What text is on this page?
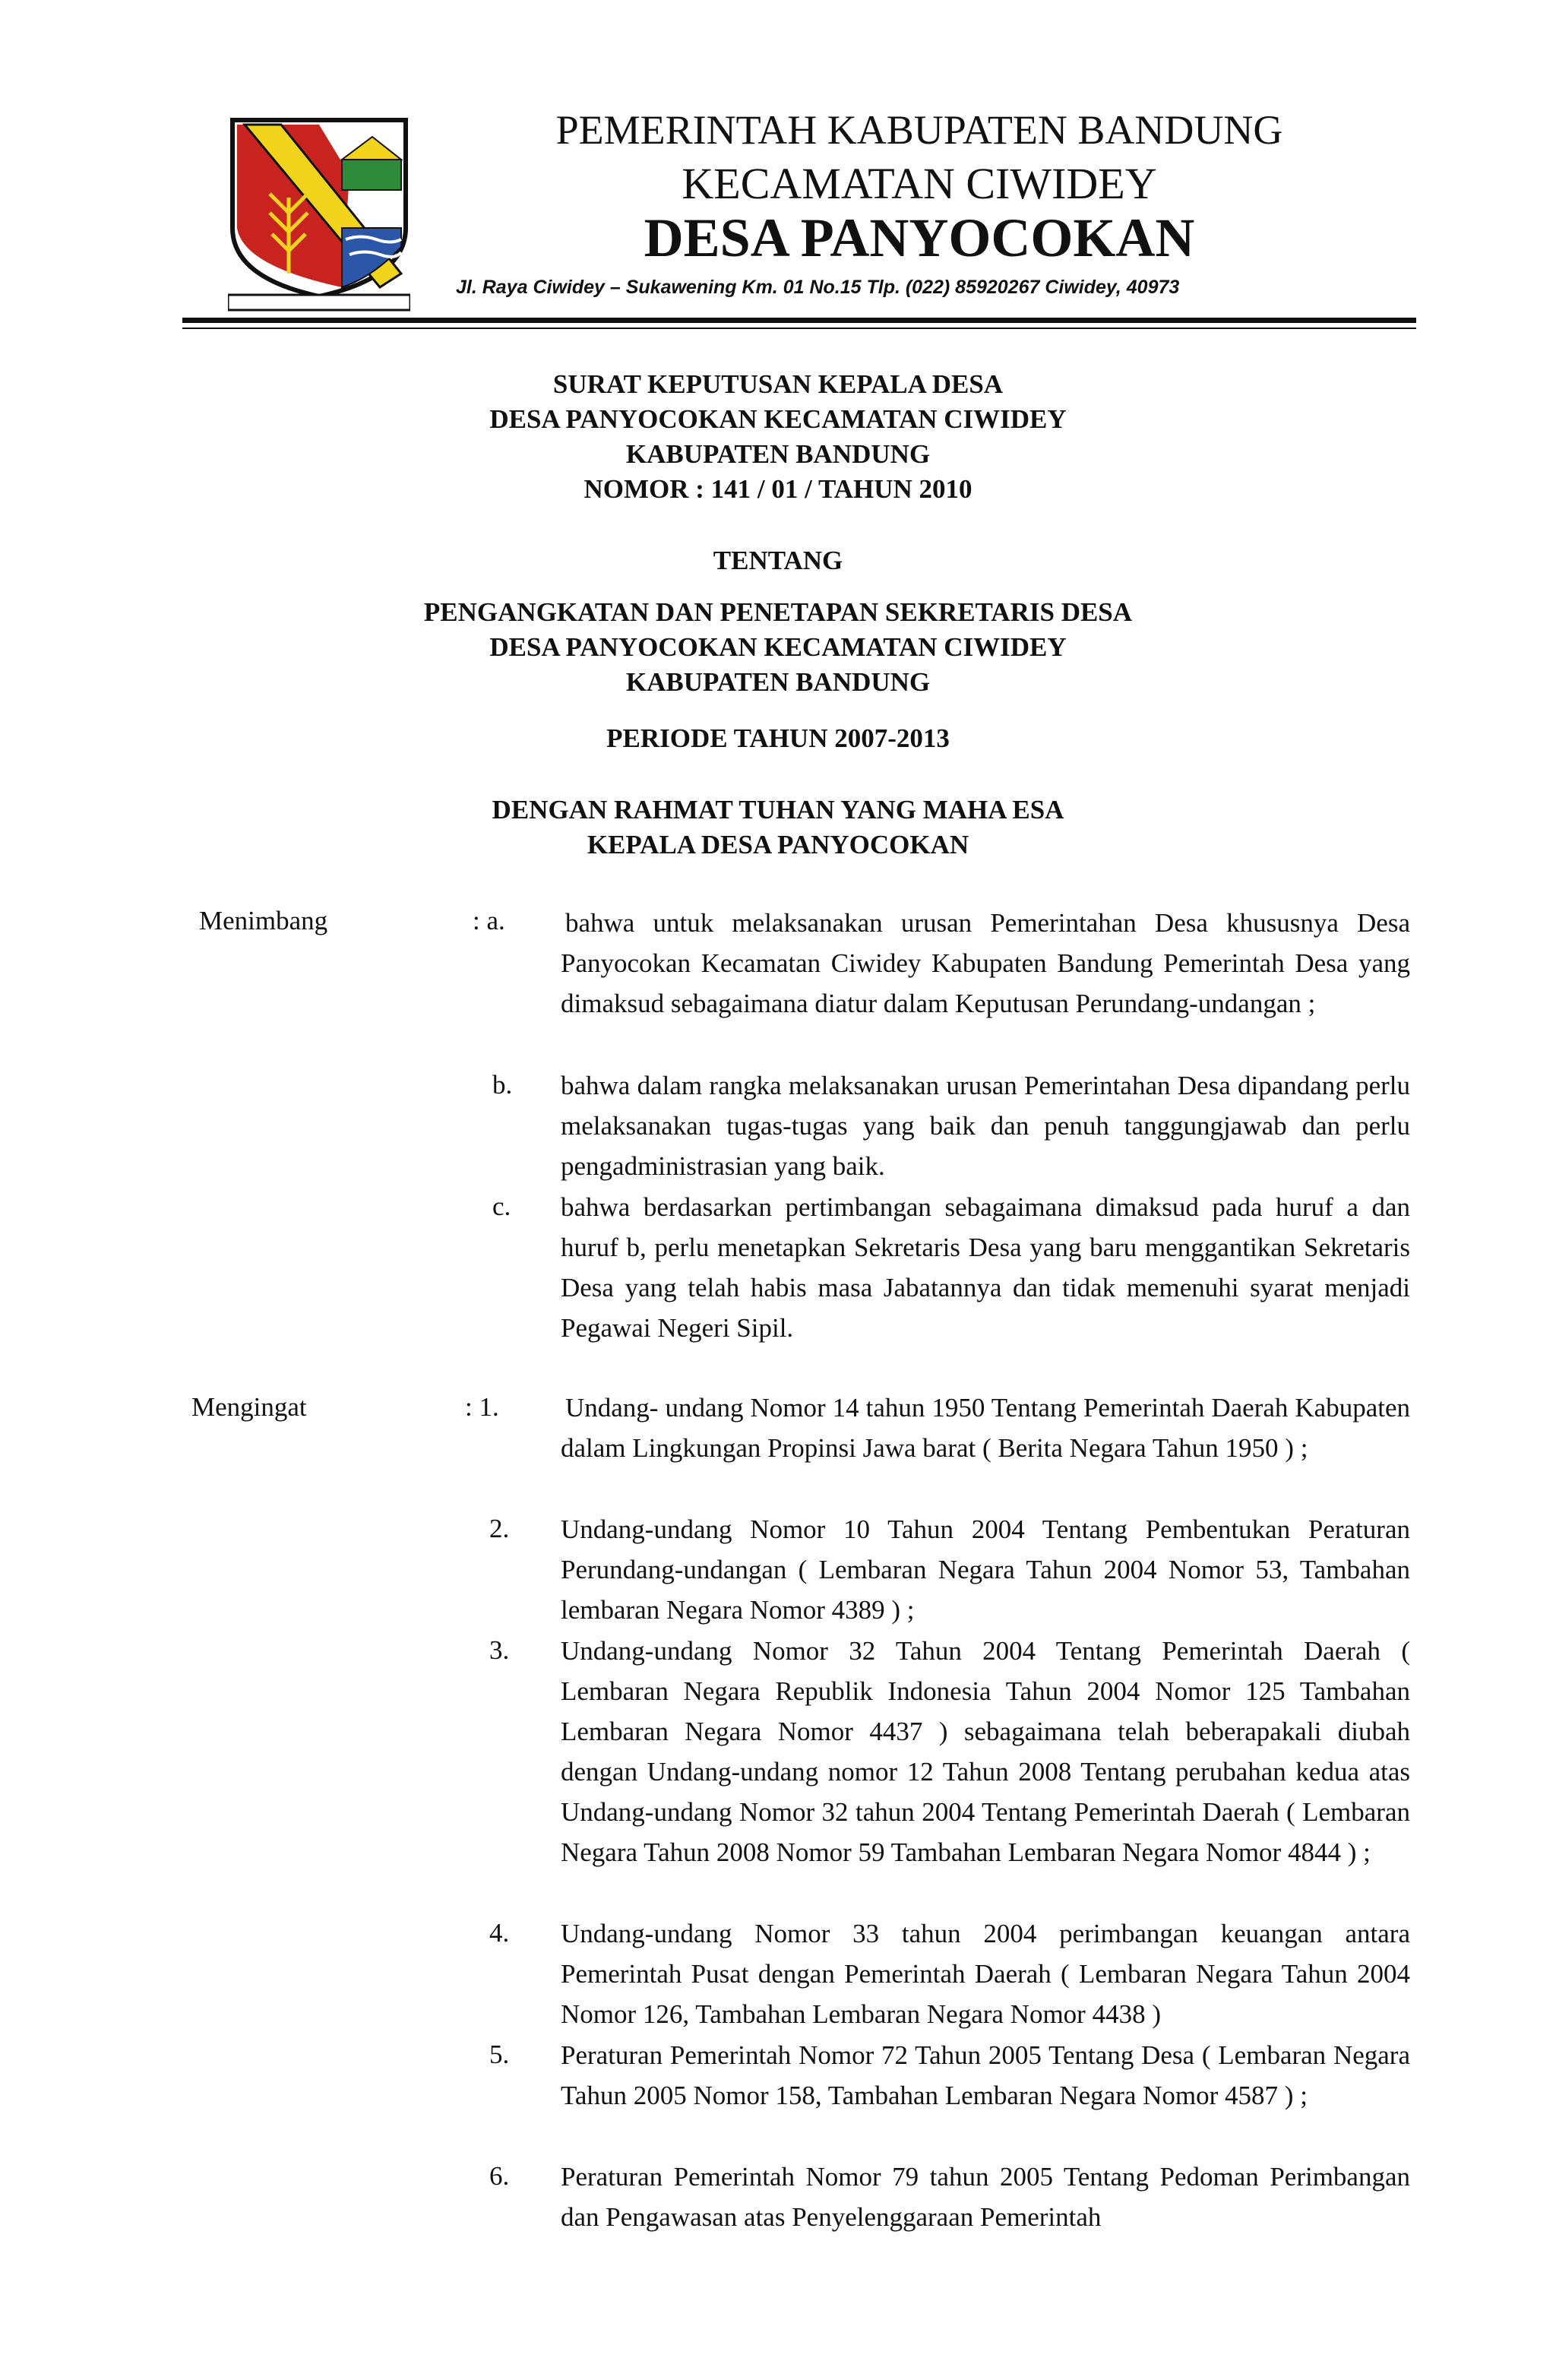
PEMERINTAH KABUPATEN BANDUNG
KECAMATAN CIWIDEY
DESA PANYOCOKAN
Jl. Raya Ciwidey – Sukawening Km. 01 No.15 Tlp. (022) 85920267 Ciwidey, 40973
SURAT KEPUTUSAN KEPALA DESA
DESA PANYOCOKAN KECAMATAN CIWIDEY
KABUPATEN BANDUNG
NOMOR : 141 / 01 / TAHUN 2010
TENTANG
PENGANGKATAN DAN PENETAPAN SEKRETARIS DESA
DESA PANYOCOKAN KECAMATAN CIWIDEY
KABUPATEN BANDUNG
PERIODE TAHUN 2007-2013
DENGAN RAHMAT TUHAN YANG MAHA ESA
KEPALA DESA PANYOCOKAN
Menimbang	: a. bahwa untuk melaksanakan urusan Pemerintahan Desa khususnya Desa Panyocokan Kecamatan Ciwidey Kabupaten Bandung Pemerintah Desa yang dimaksud sebagaimana diatur dalam Keputusan Perundang-undangan ;
b. bahwa dalam rangka melaksanakan urusan Pemerintahan Desa dipandang perlu melaksanakan tugas-tugas yang baik dan penuh tanggungjawab dan perlu pengadministrasian yang baik.
c. bahwa berdasarkan pertimbangan sebagaimana dimaksud pada huruf a dan huruf b, perlu menetapkan Sekretaris Desa yang baru menggantikan Sekretaris Desa yang telah habis masa Jabatannya dan tidak memenuhi syarat menjadi Pegawai Negeri Sipil.
Mengingat	: 1. Undang- undang Nomor 14 tahun 1950 Tentang Pemerintah Daerah Kabupaten dalam Lingkungan Propinsi Jawa barat ( Berita Negara Tahun 1950 ) ;
2. Undang-undang Nomor 10 Tahun 2004 Tentang Pembentukan Peraturan Perundang-undangan ( Lembaran Negara Tahun 2004 Nomor 53, Tambahan lembaran Negara Nomor 4389 ) ;
3. Undang-undang Nomor 32 Tahun 2004 Tentang Pemerintah Daerah ( Lembaran Negara Republik Indonesia Tahun 2004 Nomor 125 Tambahan Lembaran Negara Nomor 4437 ) sebagaimana telah beberapakali diubah dengan Undang-undang nomor 12 Tahun 2008 Tentang perubahan kedua atas Undang-undang Nomor 32 tahun 2004 Tentang Pemerintah Daerah ( Lembaran Negara Tahun 2008 Nomor 59 Tambahan Lembaran Negara Nomor 4844 ) ;
4. Undang-undang Nomor 33 tahun 2004 perimbangan keuangan antara Pemerintah Pusat dengan Pemerintah Daerah ( Lembaran Negara Tahun 2004 Nomor 126, Tambahan Lembaran Negara Nomor 4438 )
5. Peraturan Pemerintah Nomor 72 Tahun 2005 Tentang Desa ( Lembaran Negara Tahun 2005 Nomor 158, Tambahan Lembaran Negara Nomor 4587 ) ;
6. Peraturan Pemerintah Nomor 79 tahun 2005 Tentang Pedoman Perimbangan dan Pengawasan atas Penyelenggaraan Pemerintah
